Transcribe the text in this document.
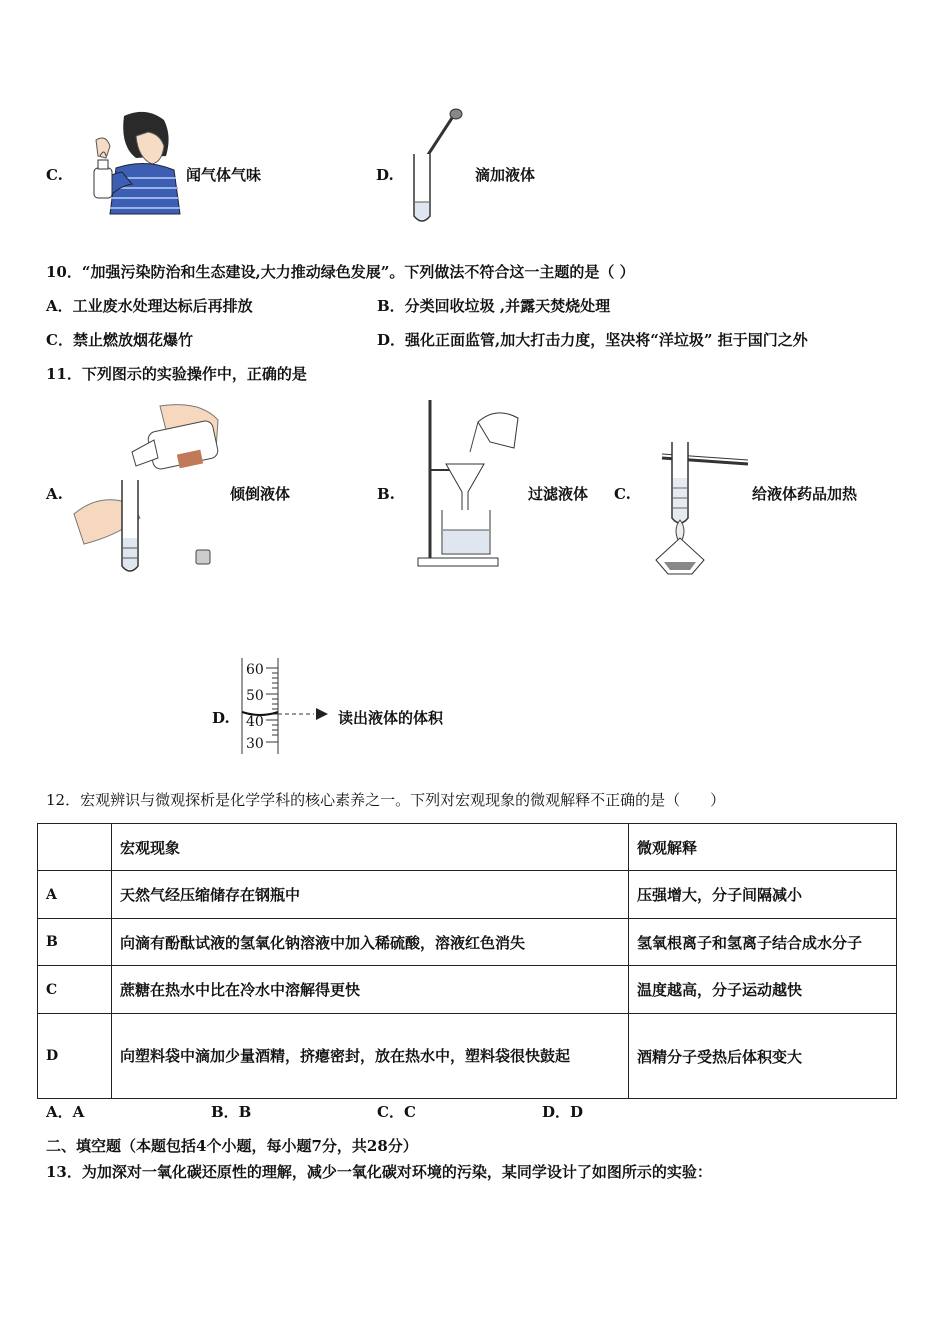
C.	闻气体气味	D.	滴加液体
10．“加强污染防治和生态建设,大力推动绿色发展”。下列做法不符合这一主题的是（ ）
A．工业废水处理达标后再排放	B．分类回收垃圾 ,并露天焚烧处理
C．禁止燃放烟花爆竹	D．强化正面监管,加大打击力度，坚决将“洋垃圾” 拒于国门之外
11．下列图示的实验操作中，正确的是
A.	倾倒液体	B.	过滤液体 C.	给液体药品加热
D.
60
50
40
30
读出液体的体积
12．宏观辨识与微观探析是化学学科的核心素养之一。下列对宏观现象的微观解释不正确的是（　　）
	宏观现象	微观解释
A	天然气经压缩储存在钢瓶中	压强增大，分子间隔减小
B	向滴有酚酞试液的氢氧化钠溶液中加入稀硫酸，溶液红色消失	氢氧根离子和氢离子结合成水分子
C	蔗糖在热水中比在冷水中溶解得更快	温度越高，分子运动越快
D	向塑料袋中滴加少量酒精，挤瘪密封，放在热水中，塑料袋很快鼓起	酒精分子受热后体积变大
A．A	B．B	C．C	D．D
二、填空题（本题包括4个小题，每小题7分，共28分）
13．为加深对一氧化碳还原性的理解，减少一氧化碳对环境的污染，某同学设计了如图所示的实验：
